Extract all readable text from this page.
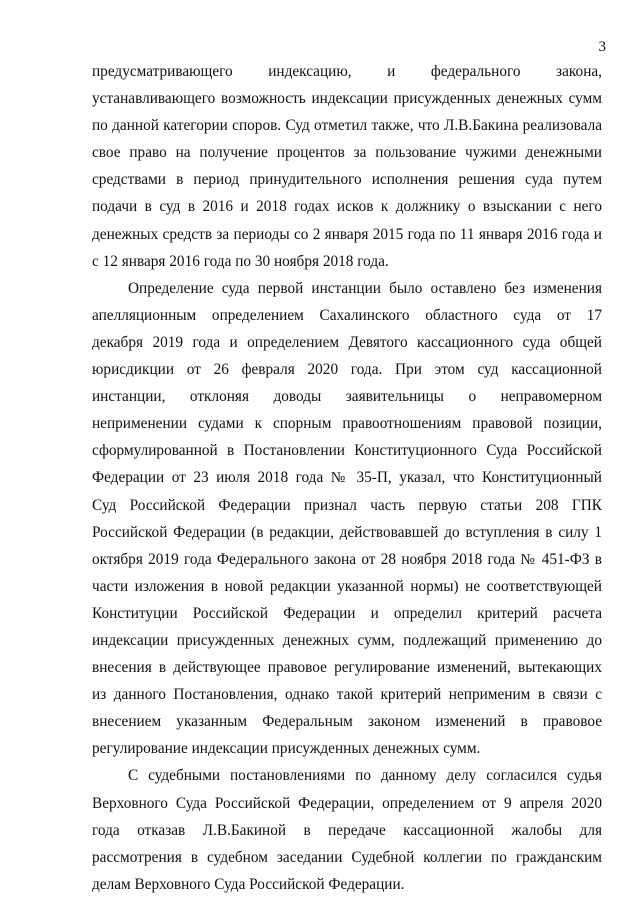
3
предусматривающего индексацию, и федерального закона,
устанавливающего возможность индексации присужденных денежных сумм
по данной категории споров. Суд отметил также, что Л.В.Бакина реализовала
свое право на получение процентов за пользование чужими денежными
средствами в период принудительного исполнения решения суда путем
подачи в суд в 2016 и 2018 годах исков к должнику о взыскании с него
денежных средств за периоды со 2 января 2015 года по 11 января 2016 года и
с 12 января 2016 года по 30 ноября 2018 года.
Определение суда первой инстанции было оставлено без изменения
апелляционным определением Сахалинского областного суда от 17
декабря 2019 года и определением Девятого кассационного суда общей
юрисдикции от 26 февраля 2020 года. При этом суд кассационной
инстанции, отклоняя доводы заявительницы о неправомерном
неприменении судами к спорным правоотношениям правовой позиции,
сформулированной в Постановлении Конституционного Суда Российской
Федерации от 23 июля 2018 года № 35-П, указал, что Конституционный
Суд Российской Федерации признал часть первую статьи 208 ГПК
Российской Федерации (в редакции, действовавшей до вступления в силу 1
октября 2019 года Федерального закона от 28 ноября 2018 года № 451-ФЗ в
части изложения в новой редакции указанной нормы) не соответствующей
Конституции Российской Федерации и определил критерий расчета
индексации присужденных денежных сумм, подлежащий применению до
внесения в действующее правовое регулирование изменений, вытекающих
из данного Постановления, однако такой критерий неприменим в связи с
внесением указанным Федеральным законом изменений в правовое
регулирование индексации присужденных денежных сумм.
С судебными постановлениями по данному делу согласился судья
Верховного Суда Российской Федерации, определением от 9 апреля 2020
года отказав Л.В.Бакиной в передаче кассационной жалобы для
рассмотрения в судебном заседании Судебной коллегии по гражданским
делам Верховного Суда Российской Федерации.
